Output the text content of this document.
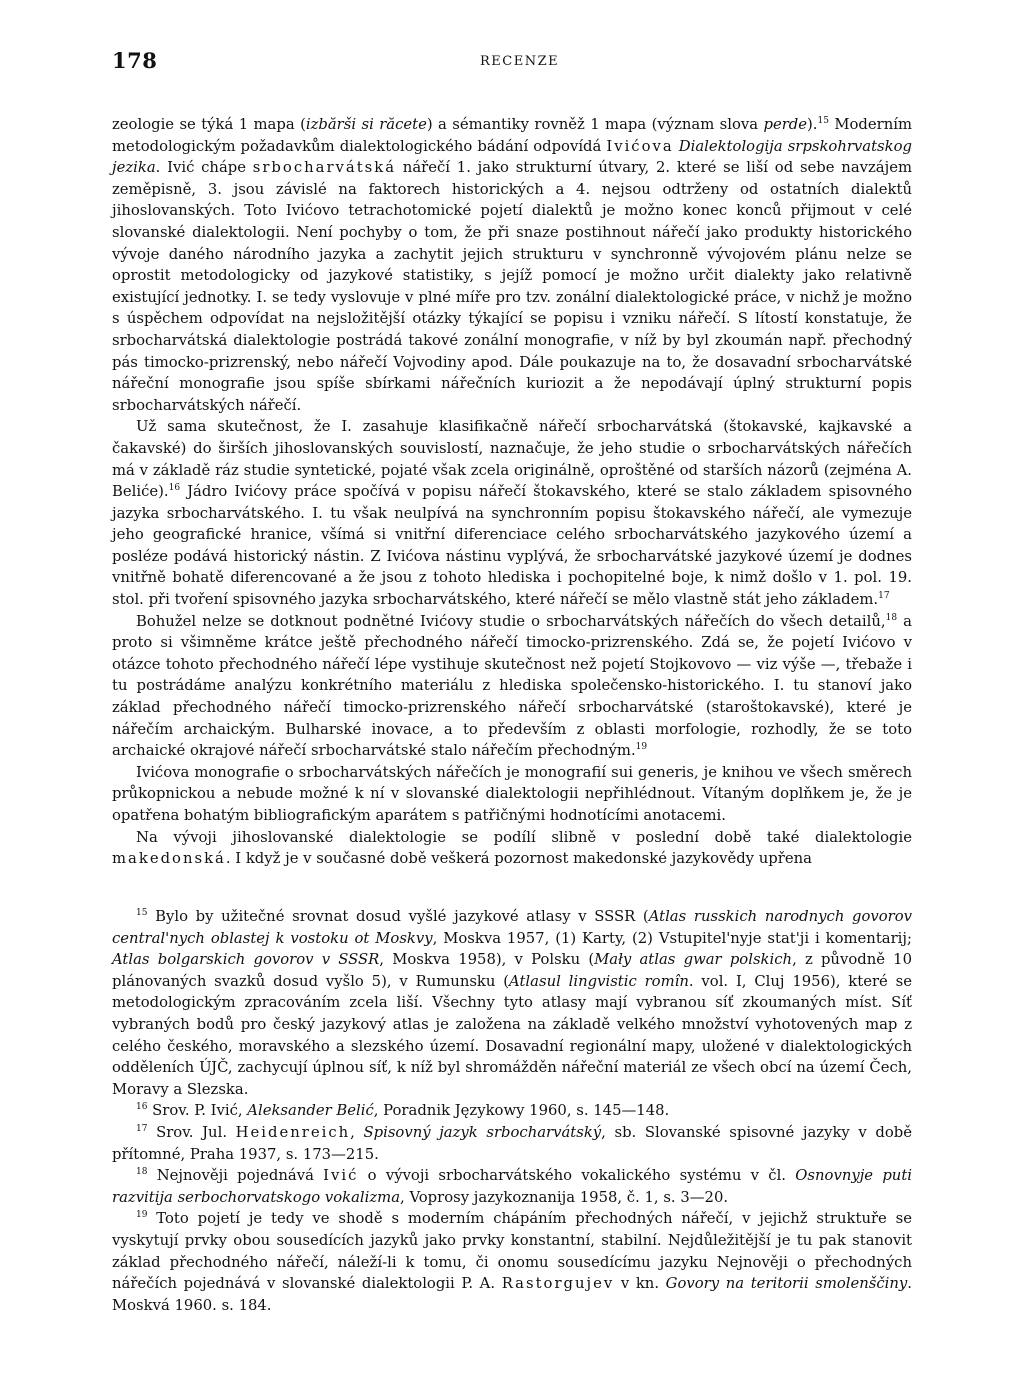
178	RECENZE

zeologie se týká 1 mapa (izbărši si răcete) a sémantiky rovněž 1 mapa (význam slova perde).$^{15}$ Moderním metodologickým požadavkům dialektologického bádání odpovídá Ivićova Dialektologija srpskohrvatskog jezika. Ivić chápe srbocharvátská nářečí 1. jako strukturní útvary, 2. které se liší od sebe navzájem zeměpisně, 3. jsou závislé na faktorech historických a 4. nejsou odtrženy od ostatních dialektů jihoslovanských. Toto Ivićovo tetrachotomické pojetí dialektů je možno konec konců přijmout v celé slovanské dialektologii. Není pochyby o tom, že při snaze postihnout nářečí jako produkty historického vývoje daného národního jazyka a zachytit jejich strukturu v synchronně vývojovém plánu nelze se oprostit metodologicky od jazykové statistiky, s jejíž pomocí je možno určit dialekty jako relativně existující jednotky. I. se tedy vyslovuje v plné míře pro tzv. zonální dialektologické práce, v nichž je možno s úspěchem odpovídat na nejsložitější otázky týkající se popisu i vzniku nářečí. S lítostí konstatuje, že srbocharvátská dialektologie postrádá takové zonální monografie, v níž by byl zkoumán např. přechodný pás timocko-prizrenský, nebo nářečí Vojvodiny apod. Dále poukazuje na to, že dosavadní srbocharvátské nářeční monografie jsou spíše sbírkami nářečních kuriozit a že nepodávají úplný strukturní popis srbocharvátských nářečí.

Už sama skutečnost, že I. zasahuje klasifikačně nářečí srbocharvátská (štokavské, kajkavské a čakavské) do širších jihoslovanských souvislostí, naznačuje, že jeho studie o srbocharvátských nářečích má v základě ráz studie syntetické, pojaté však zcela originálně, oproštěné od starších názorů (zejména A. Belićе).$^{16}$ Jádro Ivićovy práce spočívá v popisu nářečí štokavského, které se stalo základem spisovného jazyka srbocharvátského. I. tu však neulpívá na synchronním popisu štokavského nářečí, ale vymezuje jeho geografické hranice, všímá si vnitřní diferenciace celého srbocharvátského jazykového území a posléze podává historický nástin. Z Ivićova nástinu vyplývá, že srbocharvátské jazykové území je dodnes vnitřně bohatě diferencované a že jsou z tohoto hlediska i pochopitelné boje, k nimž došlo v 1. pol. 19. stol. při tvoření spisovného jazyka srbocharvátského, které nářečí se mělo vlastně stát jeho základem.$^{17}$

Bohužel nelze se dotknout podnětné Ivićovy studie o srbocharvátských nářečích do všech detailů,$^{18}$ a proto si všimněme krátce ještě přechodného nářečí timocko-prizrenského. Zdá se, že pojetí Ivićovo v otázce tohoto přechodného nářečí lépe vystihuje skutečnost než pojetí Stojkovovo — viz výše —, třebaže i tu postrádáme analýzu konkrétního materiálu z hlediska společensko-historického. I. tu stanoví jako základ přechodného nářečí timocko-prizrenského nářečí srbocharvátské (staroštokavské), které je nářečím archaickým. Bulharské inovace, a to především z oblasti morfologie, rozhodly, že se toto archaické okrajové nářečí srbocharvátské stalo nářečím přechodným.$^{19}$

Ivićova monografie o srbocharvátských nářečích je monografií sui generis, je knihou ve všech směrech průkopnickou a nebude možné k ní v slovanské dialektologii nepřihlédnout. Vítaným doplňkem je, že je opatřena bohatým bibliografickým aparátem s patřičnými hodnotícími anotacemi.

Na vývoji jihoslovanské dialektologie se podílí slibně v poslední době také dialektologie makedonská. I když je v současné době veškerá pozornost makedonské jazykovědy upřena

$^{15}$ Bylo by užitečné srovnat dosud vyšlé jazykové atlasy v SSSR (Atlas russkich narodnych govorov central'nych oblastej k vostoku ot Moskvy, Moskva 1957, (1) Karty, (2) Vstupitel'nyje stat'ji i komentarij; Atlas bolgarskich govorov v SSSR, Moskva 1958), v Polsku (Mały atlas gwar polskich, z původně 10 plánovaných svazků dosud vyšlo 5), v Rumunsku (Atlasul lingvistic romîn. vol. I, Cluj 1956), které se metodologickým zpracováním zcela liší. Všechny tyto atlasy mají vybranou síť zkoumaných míst. Síť vybraných bodů pro český jazykový atlas je založena na základě velkého množství vyhotovených map z celého českého, moravského a slezského území. Dosavadní regionální mapy, uložené v dialektologických odděleních ÚJČ, zachycují úplnou síť, k níž byl shromážděn nářeční materiál ze všech obcí na území Čech, Moravy a Slezska.

$^{16}$ Srov. P. Ivić, Aleksander Belić, Poradnik Językowy 1960, s. 145—148.

$^{17}$ Srov. Jul. Heidenreich, Spisovný jazyk srbocharvátský, sb. Slovanské spisovné jazyky v době přítomné, Praha 1937, s. 173—215.

$^{18}$ Nejnověji pojednává Ivić o vývoji srbocharvátského vokalického systému v čl. Osnovnyje puti razvitija serbochorvatskogo vokalizma, Voprosy jazykoznanija 1958, č. 1, s. 3—20.

$^{19}$ Toto pojetí je tedy ve shodě s moderním chápáním přechodných nářečí, v jejichž struktuře se vyskytují prvky obou sousedících jazyků jako prvky konstantní, stabilní. Nejdůležitější je tu pak stanovit základ přechodného nářečí, náleží-li k tomu, či onomu sousedícímu jazyku Nejnověji o přechodných nářečích pojednává v slovanské dialektologii P. A. Rastorgujev v kn. Govory na teritorii smolenščiny. Moskvá 1960. s. 184.
